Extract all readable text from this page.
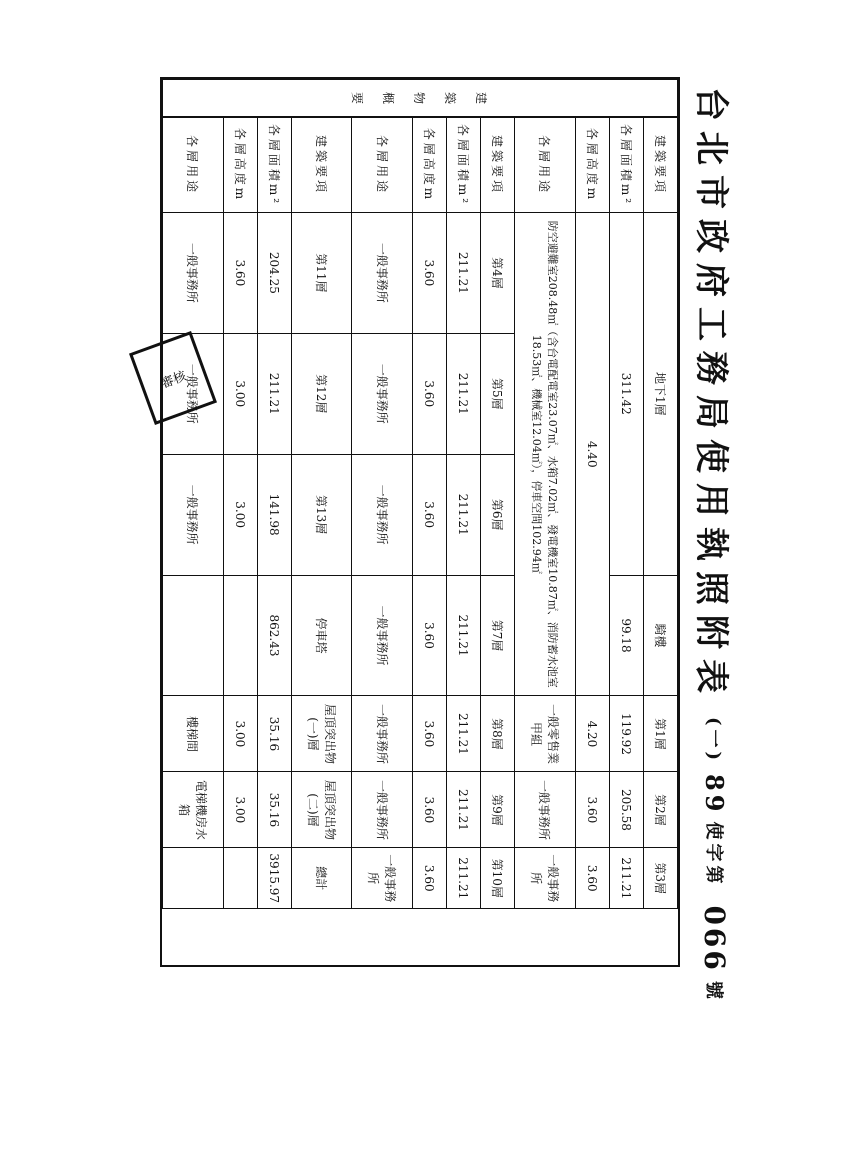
台北市政府工務局使用執照附表
(一)
89
使字第
066
號
建

築

物

概

要	建築要項	地下1層			騎樓	第1層	第2層	第3層
	各層面積m²	311.42			99.18	119.92	205.58	211.21
	各層高度m	4.40				4.20	3.60	3.60
	各層用途	防空避難室208.48㎡（含台電配電室23.07㎡、水箱7.02㎡、發電機室10.87㎡、消防蓄水池室18.53㎡、機械室12.04㎡），停車空間102.94㎡				一般零售業甲組	一般事務所	一般事務所
	建築要項	第4層	第5層	第6層	第7層	第8層	第9層	第10層
	各層面積m²	211.21	211.21	211.21	211.21	211.21	211.21	211.21
	各層高度m	3.60	3.60	3.60	3.60	3.60	3.60	3.60
	各層用途	一般事務所	一般事務所	一般事務所	一般事務所	一般事務所	一般事務所	一般事務所
	建築要項	第11層	第12層	第13層	停車塔	屋頂突出物(一)層	屋頂突出物(二)層	總計
	各層面積m²	204.25	211.21	141.98	862.43	35.16	35.16	3915.97
	各層高度m	3.60	3.00	3.00		3.00	3.00	
	各層用途	一般事務所	一般事務所	一般事務所		樓梯間	電梯機房水箱	
審核
